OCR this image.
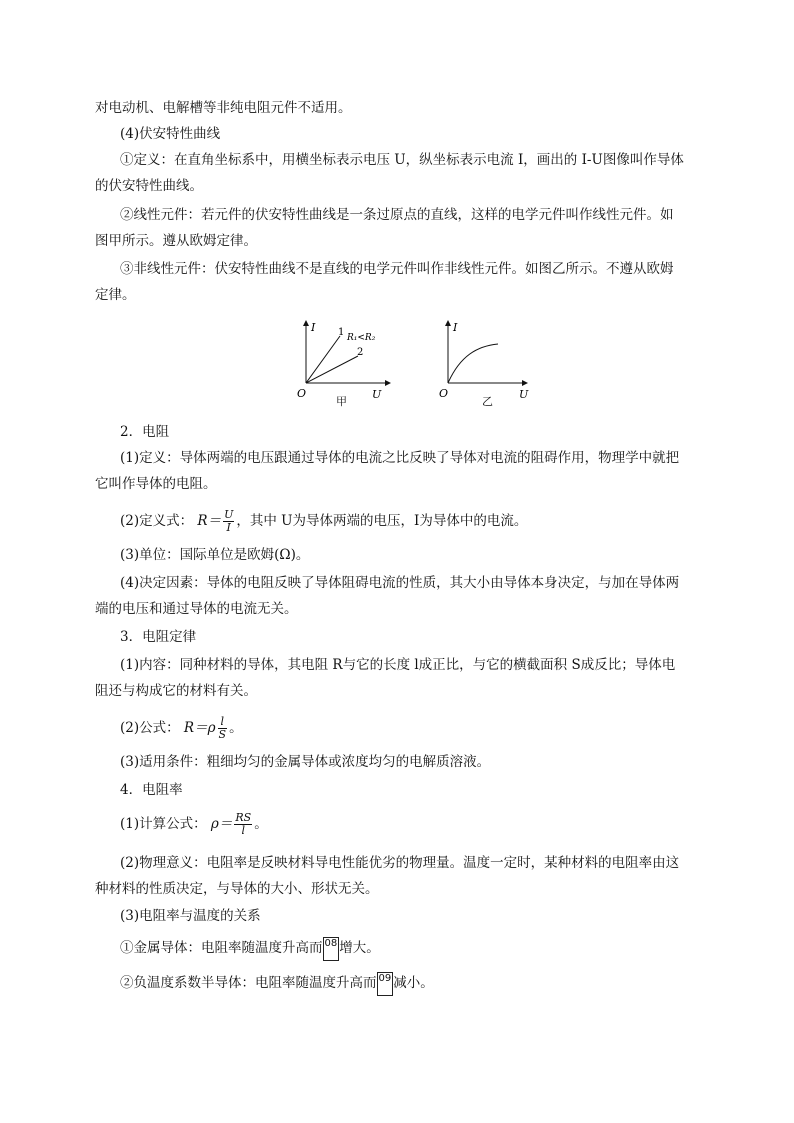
对电动机、电解槽等非纯电阻元件不适用。
(4)伏安特性曲线
①定义：在直角坐标系中，用横坐标表示电压 U，纵坐标表示电流 I，画出的 I-U图像叫作导体
的伏安特性曲线。
②线性元件：若元件的伏安特性曲线是一条过原点的直线，这样的电学元件叫作线性元件。如
图甲所示。遵从欧姆定律。
③非线性元件：伏安特性曲线不是直线的电学元件叫作非线性元件。如图乙所示。不遵从欧姆
定律。
I
U
O
1
2
R₁<R₂
甲
I
U
O
乙
2．电阻
(1)定义：导体两端的电压跟通过导体的电流之比反映了导体对电流的阻碍作用，物理学中就把
它叫作导体的电阻。
(2)定义式： $R= \frac{U}{I}$ ，其中 U为导体两端的电压，I为导体中的电流。
(3)单位：国际单位是欧姆(Ω)。
(4)决定因素：导体的电阻反映了导体阻碍电流的性质，其大小由导体本身决定，与加在导体两
端的电压和通过导体的电流无关。
3．电阻定律
(1)内容：同种材料的导体，其电阻 R与它的长度 l成正比，与它的横截面积 S成反比；导体电
阻还与构成它的材料有关。
(2)公式： $R=\rho \frac{l}{S}$ 。
(3)适用条件：粗细均匀的金属导体或浓度均匀的电解质溶液。
4．电阻率
(1)计算公式： $\rho= \frac{RS}{l}$ 。
(2)物理意义：电阻率是反映材料导电性能优劣的物理量。温度一定时，某种材料的电阻率由这
种材料的性质决定，与导体的大小、形状无关。
(3)电阻率与温度的关系
①金属导体：电阻率随温度升高而 08 增大。
②负温度系数半导体：电阻率随温度升高而 09 减小。
